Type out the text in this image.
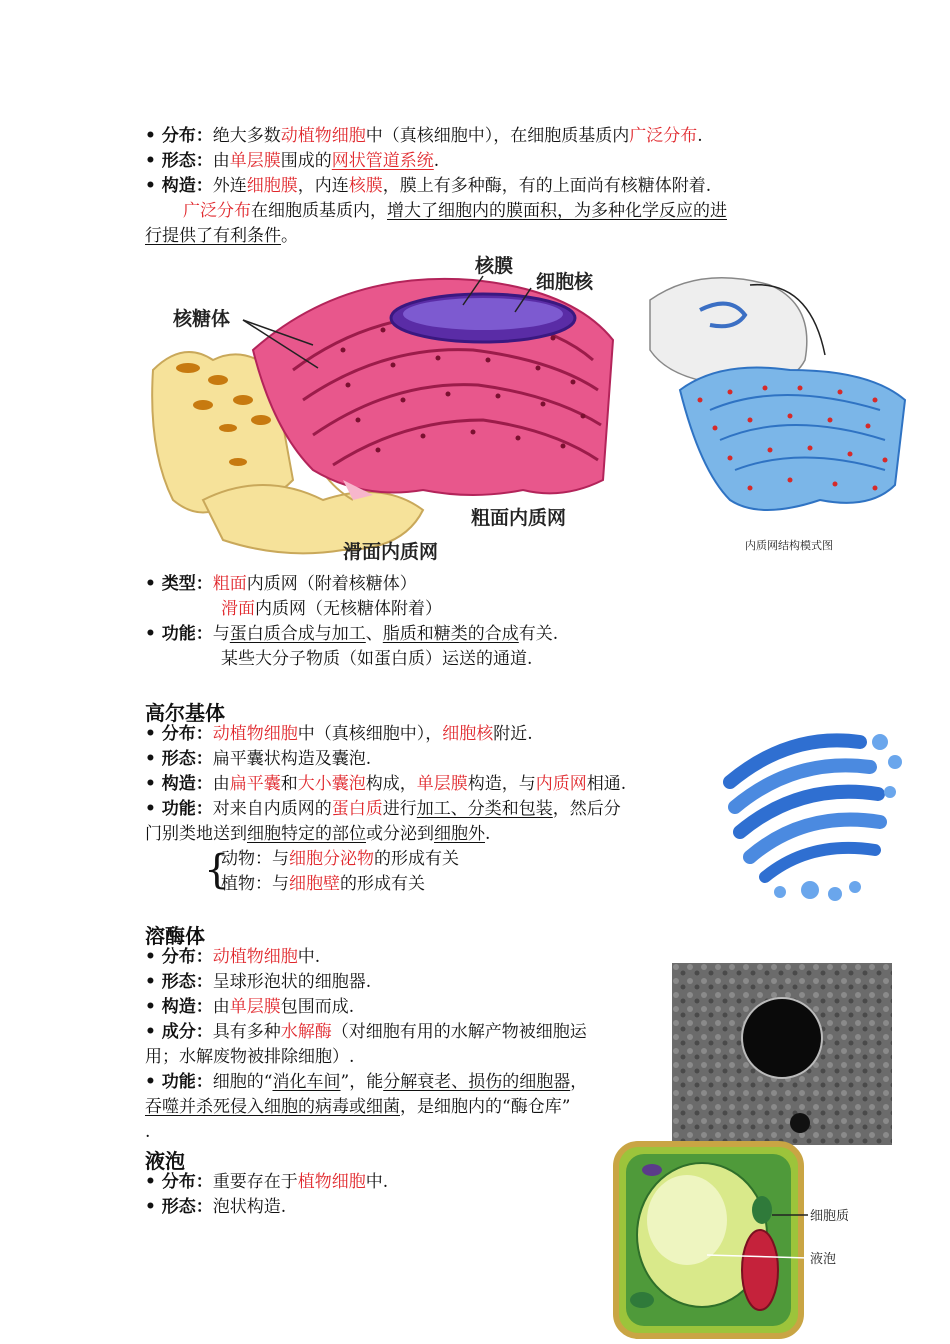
• 分布：绝大多数动植物细胞中（真核细胞中），在细胞质基质内广泛分布.
• 形态：由单层膜围成的网状管道系统.
• 构造：外连细胞膜，内连核膜，膜上有多种酶，有的上面尚有核糖体附着.
广泛分布在细胞质基质内，增大了细胞内的膜面积，为多种化学反应的进
行提供了有利条件。
核膜
细胞核
核糖体
粗面内质网
滑面内质网	内质网结构模式图
• 类型：粗面内质网（附着核糖体）
滑面内质网（无核糖体附着）
• 功能：与蛋白质合成与加工、脂质和糖类的合成有关.
某些大分子物质（如蛋白质）运送的通道.
高尔基体
• 分布：动植物细胞中（真核细胞中），细胞核附近.
• 形态：扁平囊状构造及囊泡.
• 构造：由扁平囊和大小囊泡构成，单层膜构造，与内质网相通.
• 功能：对来自内质网的蛋白质进行加工、分类和包装，然后分
门别类地送到细胞特定的部位或分泌到细胞外.
{
动物：与细胞分泌物的形成有关
植物：与细胞壁的形成有关
溶酶体
• 分布：动植物细胞中.
• 形态：呈球形泡状的细胞器.
• 构造：由单层膜包围而成.
• 成分：具有多种水解酶（对细胞有用的水解产物被细胞运
用；水解废物被排除细胞）.
• 功能：细胞的“消化车间”，能分解衰老、损伤的细胞器，
吞噬并杀死侵入细胞的病毒或细菌，是细胞内的“酶仓库”
.
液泡
• 分布：重要存在于植物细胞中.
• 形态：泡状构造.	细胞质
液泡
